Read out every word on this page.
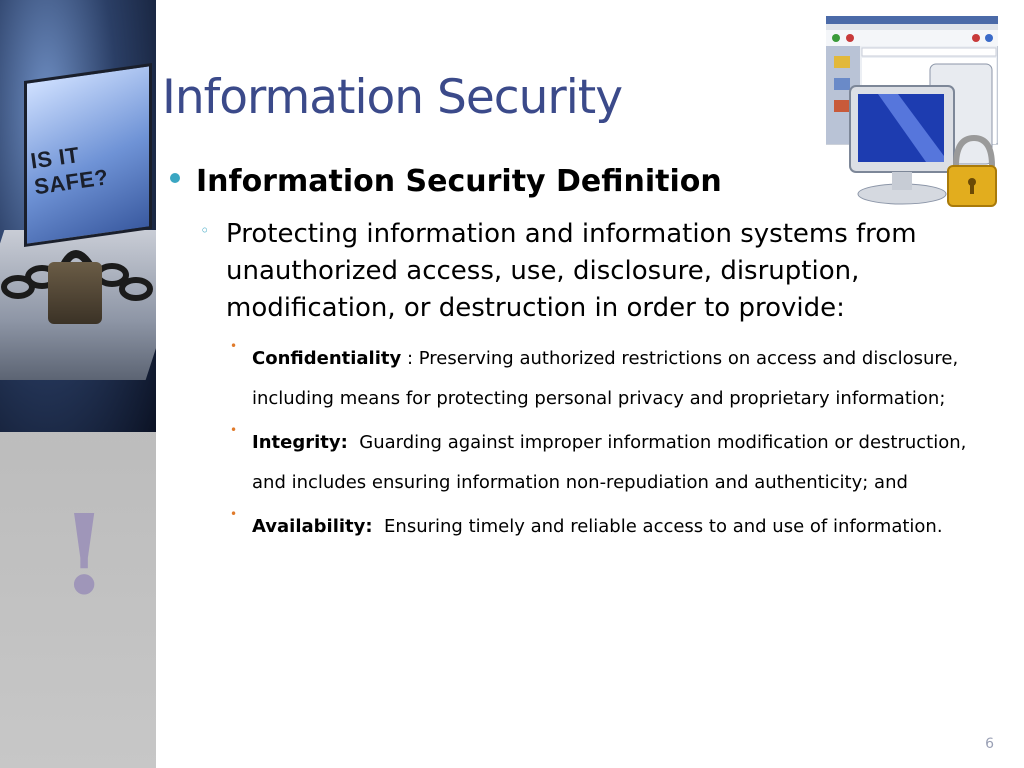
IS IT SAFE?
!
Information Security
Information Security Definition
◦ Protecting information and information systems from unauthorized access, use, disclosure, disruption, modification, or destruction in order to provide:
•
Confidentiality : Preserving authorized restrictions on access and disclosure, including means for protecting personal privacy and proprietary information;
•
Integrity: Guarding against improper information modification or destruction, and includes ensuring information non-repudiation and authenticity; and
•
Availability: Ensuring timely and reliable access to and use of information.
6
